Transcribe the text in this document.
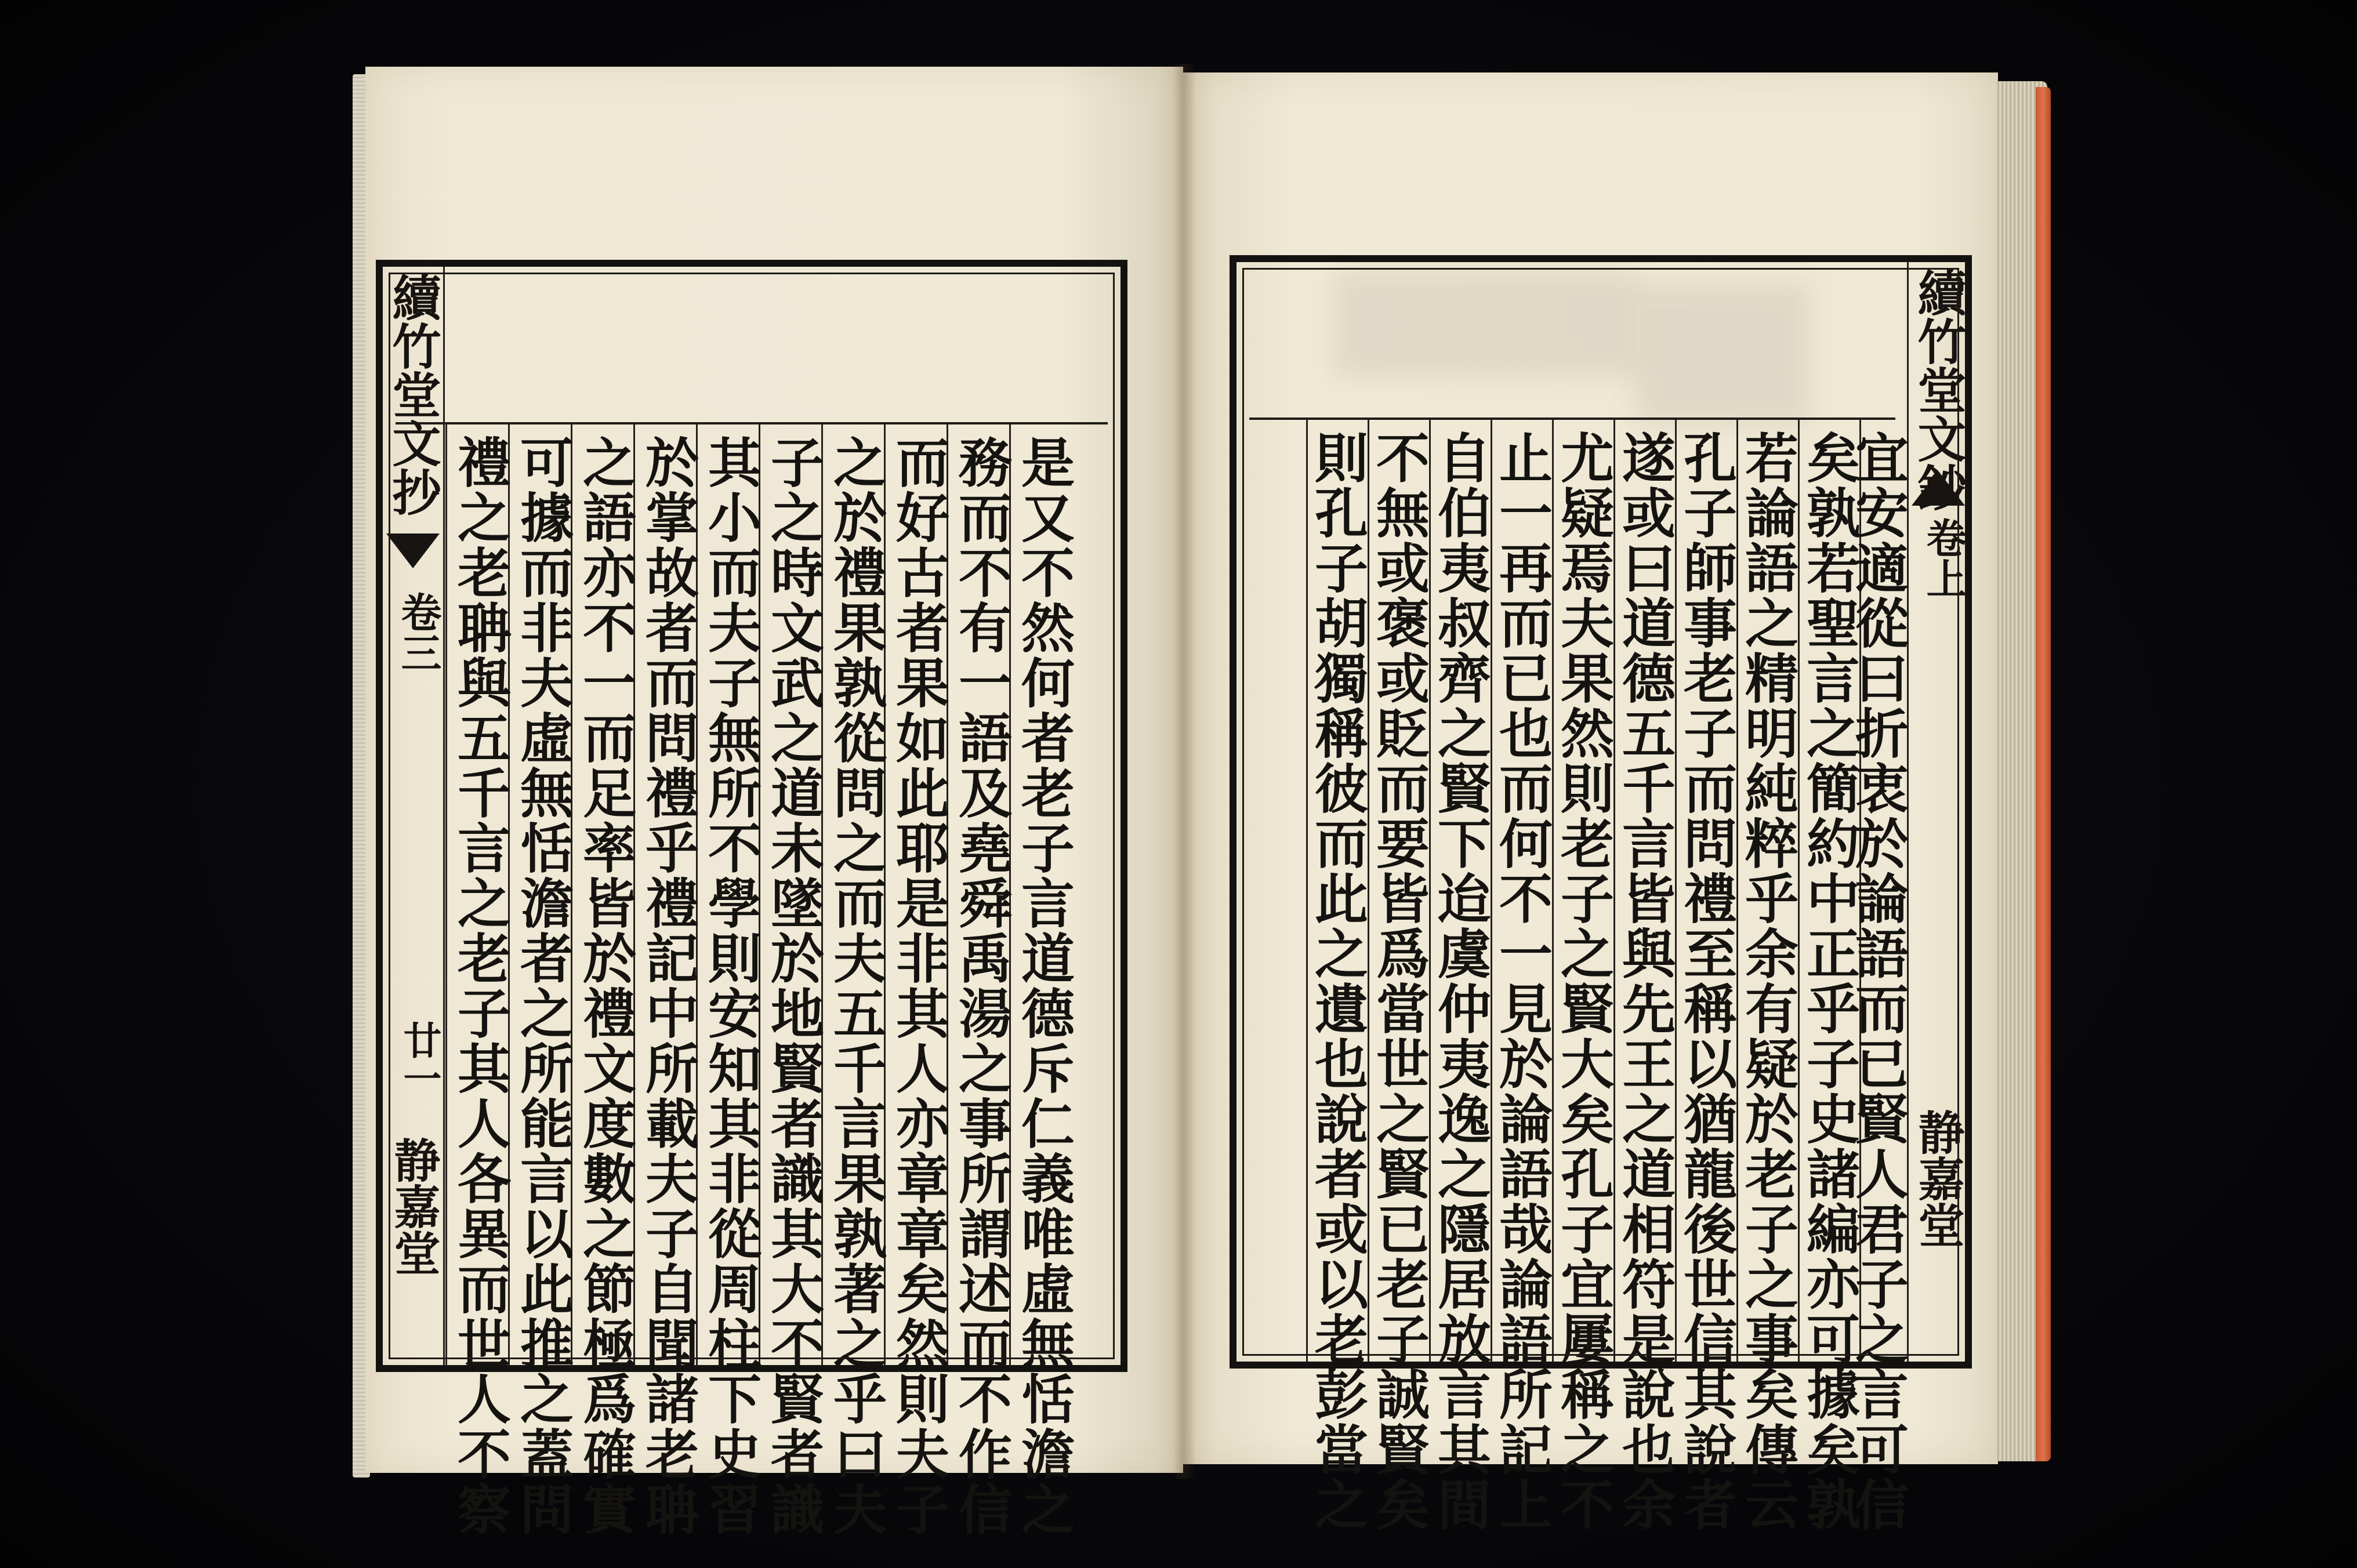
是又不然何者老子言道德斥仁義唯虛無恬澹之
務而不有一語及堯舜禹湯之事所謂述而不作信
而好古者果如此耶是非其人亦章章矣然則夫子
之於禮果孰從問之而夫五千言果孰著之乎曰夫
子之時文武之道未墜於地賢者識其大不賢者識
其小而夫子無所不學則安知其非從周柱下史習
於掌故者而問禮乎禮記中所載夫子自聞諸老聃
之語亦不一而足率皆於禮文度數之節極爲確實
可據而非夫虛無恬澹者之所能言以此推之蓋問
禮之老聃與五千言之老子其人各異而世人不察
續竹堂文抄
卷三
廿一
静嘉堂	宜安適從曰折衷於論語而已賢人君子之言可信
矣孰若聖言之簡約中正乎子史諸編亦可據矣孰
若論語之精明純粹乎余有疑於老子之事矣傳云
孔子師事老子而問禮至稱以猶龍後世信其說者
遂或曰道德五千言皆與先王之道相符是說也余
尤疑焉夫果然則老子之賢大矣孔子宜屢稱之不
止一再而已也而何不一見於論語哉論語所記上
自伯夷叔齊之賢下迨虞仲夷逸之隱居放言其間
不無或褒或貶而要皆爲當世之賢已老子誠賢矣
則孔子胡獨稱彼而此之遺也說者或以老彭當之
續竹堂文鈔
卷上
静嘉堂
